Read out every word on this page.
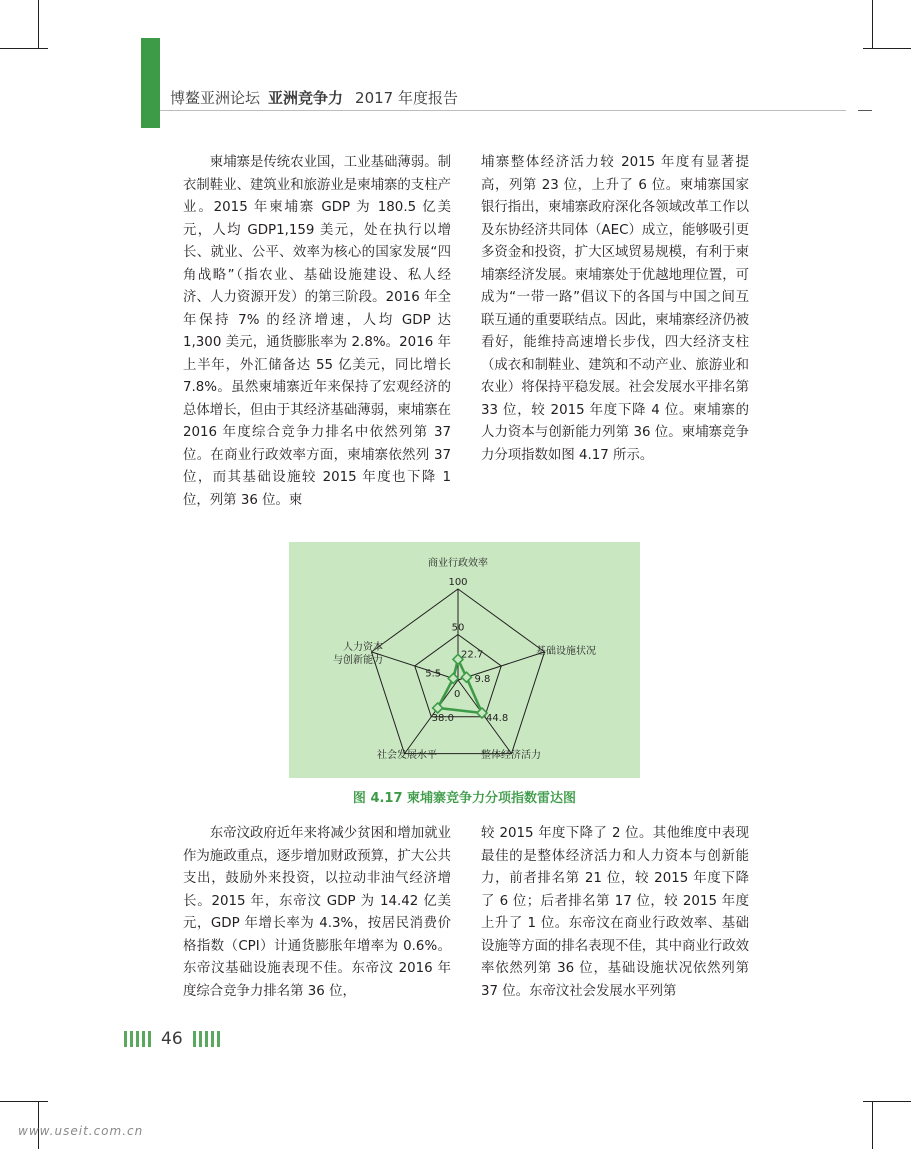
博鳌亚洲论坛 亚洲竞争力 2017 年度报告
柬埔寨是传统农业国，工业基础薄弱。制衣制鞋业、建筑业和旅游业是柬埔寨的支柱产业。2015 年柬埔寨 GDP 为 180.5 亿美元，人均 GDP1,159 美元，处在执行以增长、就业、公平、效率为核心的国家发展“四角战略”（指农业、基础设施建设、私人经济、人力资源开发）的第三阶段。2016 年全年保持 7% 的经济增速，人均 GDP 达 1,300 美元，通货膨胀率为 2.8%。2016 年上半年，外汇储备达 55 亿美元，同比增长 7.8%。虽然柬埔寨近年来保持了宏观经济的总体增长，但由于其经济基础薄弱，柬埔寨在 2016 年度综合竞争力排名中依然列第 37 位。在商业行政效率方面，柬埔寨依然列 37 位，而其基础设施较 2015 年度也下降 1 位，列第 36 位。柬
埔寨整体经济活力较 2015 年度有显著提高，列第 23 位，上升了 6 位。柬埔寨国家银行指出，柬埔寨政府深化各领域改革工作以及东协经济共同体（AEC）成立，能够吸引更多资金和投资，扩大区域贸易规模，有利于柬埔寨经济发展。柬埔寨处于优越地理位置，可成为“一带一路”倡议下的各国与中国之间互联互通的重要联结点。因此，柬埔寨经济仍被看好，能维持高速增长步伐，四大经济支柱（成衣和制鞋业、建筑和不动产业、旅游业和农业）将保持平稳发展。社会发展水平排名第 33 位，较 2015 年度下降 4 位。柬埔寨的人力资本与创新能力列第 36 位。柬埔寨竞争力分项指数如图 4.17 所示。
100
50
0
22.7
9.8
44.8
38.0
5.5
商业行政效率
基础设施状况
整体经济活力
社会发展水平
人力资本
与创新能力
图 4.17 柬埔寨竞争力分项指数雷达图
东帝汶政府近年来将减少贫困和增加就业作为施政重点，逐步增加财政预算，扩大公共支出，鼓励外来投资，以拉动非油气经济增长。2015 年，东帝汶 GDP 为 14.42 亿美元，GDP 年增长率为 4.3%，按居民消费价格指数（CPI）计通货膨胀年增率为 0.6%。东帝汶基础设施表现不佳。东帝汶 2016 年度综合竞争力排名第 36 位，
较 2015 年度下降了 2 位。其他维度中表现最佳的是整体经济活力和人力资本与创新能力，前者排名第 21 位，较 2015 年度下降了 6 位；后者排名第 17 位，较 2015 年度上升了 1 位。东帝汶在商业行政效率、基础设施等方面的排名表现不佳，其中商业行政效率依然列第 36 位，基础设施状况依然列第 37 位。东帝汶社会发展水平列第
46
www.useit.com.cn
